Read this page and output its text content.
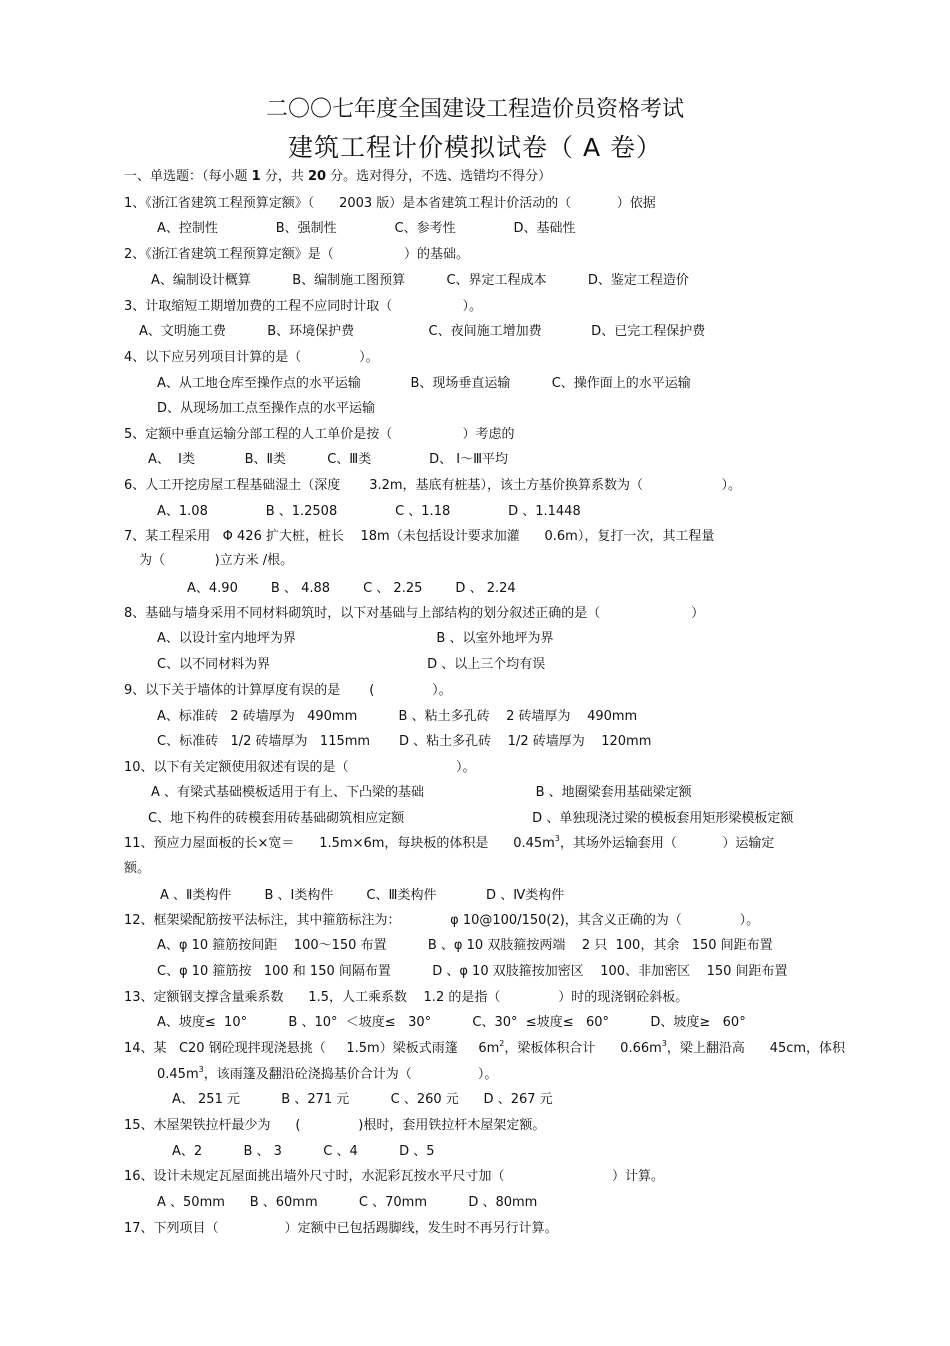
二〇〇七年度全国建设工程造价员资格考试
建筑工程计价模拟试卷（ A 卷）
一、单选题：（每小题 1 分，共 20 分。选对得分，不选、选错均不得分）
1、《浙江省建筑工程预算定额》（      2003 版）是本省建筑工程计价活动的（           ）依据
A、控制性              B、强制性              C、参考性              D、基础性
2、《浙江省建筑工程预算定额》是（                 ）的基础。
A、编制设计概算          B、编制施工图预算          C、界定工程成本          D、鉴定工程造价
3、计取缩短工期增加费的工程不应同时计取（                 ）。
A、文明施工费          B、环境保护费                  C、夜间施工增加费            D、已完工程保护费
4、以下应另列项目计算的是（              ）。
A、从工地仓库至操作点的水平运输            B、现场垂直运输          C、操作面上的水平运输
D、从现场加工点至操作点的水平运输
5、定额中垂直运输分部工程的人工单价是按（                 ）考虑的
A、  Ⅰ类            B、Ⅱ类          C、Ⅲ类              D、 Ⅰ～Ⅲ平均
6、人工开挖房屋工程基础湿土（深度       3.2m，基底有桩基），该土方基价换算系数为（                   ）。
A、1.08              B 、1.2508              C 、1.18              D 、1.1448
7、某工程采用   Φ 426 扩大桩，桩长    18m（未包括设计要求加灌      0.6m），复打一次，其工程量
为（            )立方米 /根。
A、4.90        B 、 4.88        C 、 2.25        D 、 2.24
8、基础与墙身采用不同材料砌筑时，以下对基础与上部结构的划分叙述正确的是（                      ）
A、以设计室内地坪为界                                  B 、以室外地坪为界
C、以不同材料为界                                      D 、以上三个均有误
9、以下关于墙体的计算厚度有误的是       (              ）。
A、标准砖   2 砖墙厚为   490mm          B 、粘土多孔砖    2 砖墙厚为    490mm
C、标准砖   1/2 砖墙厚为   115mm       D 、粘土多孔砖    1/2 砖墙厚为    120mm
10、以下有关定额使用叙述有误的是（                          ）。
A 、有梁式基础模板适用于有上、下凸梁的基础                           B 、地圈梁套用基础梁定额
C、地下构件的砖模套用砖基础砌筑相应定额                               D 、单独现浇过梁的模板套用矩形梁模板定额
11、预应力屋面板的长×宽＝      1.5m×6m，每块板的体积是      $0.45m^3$，其场外运输套用（           ）运输定
额。
A 、Ⅱ类构件        B 、Ⅰ类构件        C、Ⅲ类构件            D 、Ⅳ类构件
12、框架梁配筋按平法标注，其中箍筋标注为：            φ 10@100/150(2)，其含义正确的为（              ）。
A、φ 10 箍筋按间距    100～150 布置          B 、φ 10 双肢箍按两端    2 只  100，其余   150 间距布置
C、φ 10 箍筋按   100 和 150 间隔布置          D 、φ 10 双肢箍按加密区    100、非加密区    150 间距布置
13、定额钢支撑含量乘系数      1.5，人工乘系数    1.2 的是指（              ）时的现浇钢砼斜板。
A、坡度≤  10°          B 、10°  ＜坡度≤   30°          C、30°  ≤坡度≤   60°          D、坡度≥   60°
14、某   C20 钢砼现拌现浇悬挑（     1.5m）梁板式雨篷     $6m^2$，梁板体积合计      $0.66m^3$，梁上翻沿高      45cm，体积
$0.45m^3$，该雨篷及翻沿砼浇捣基价合计为（                ）。
A、 251 元          B 、271 元          C 、260 元      D 、267 元
15、木屋架铁拉杆最少为      (              )根时，套用铁拉杆木屋架定额。
A、2          B 、 3          C 、4          D 、5
16、设计未规定瓦屋面挑出墙外尺寸时，水泥彩瓦按水平尺寸加（                          ）计算。
A 、50mm      B 、60mm          C 、70mm          D 、80mm
17、下列项目（                ）定额中已包括踢脚线，发生时不再另行计算。
